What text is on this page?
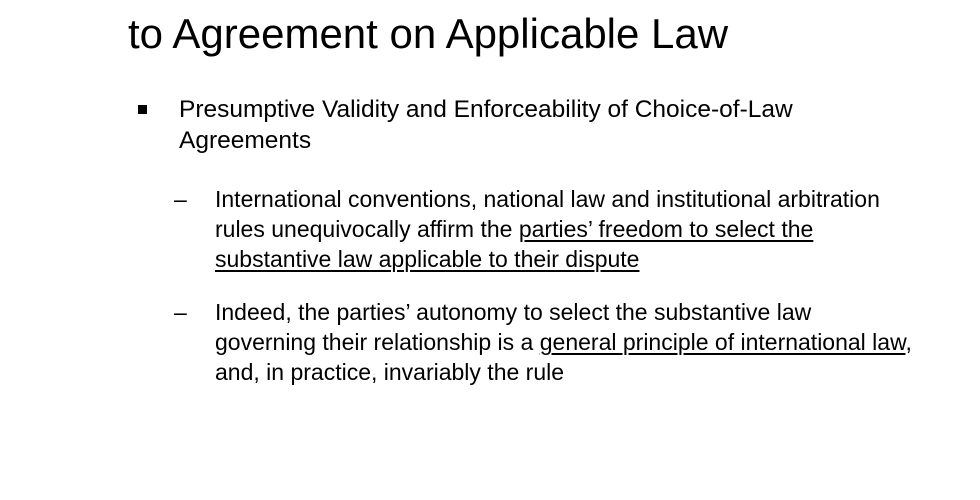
to Agreement on Applicable Law
Presumptive Validity and Enforceability of Choice-of-Law Agreements
– International conventions, national law and institutional arbitration rules unequivocally affirm the parties’ freedom to select the substantive law applicable to their dispute
– Indeed, the parties’ autonomy to select the substantive law governing their relationship is a general principle of international law, and, in practice, invariably the rule
